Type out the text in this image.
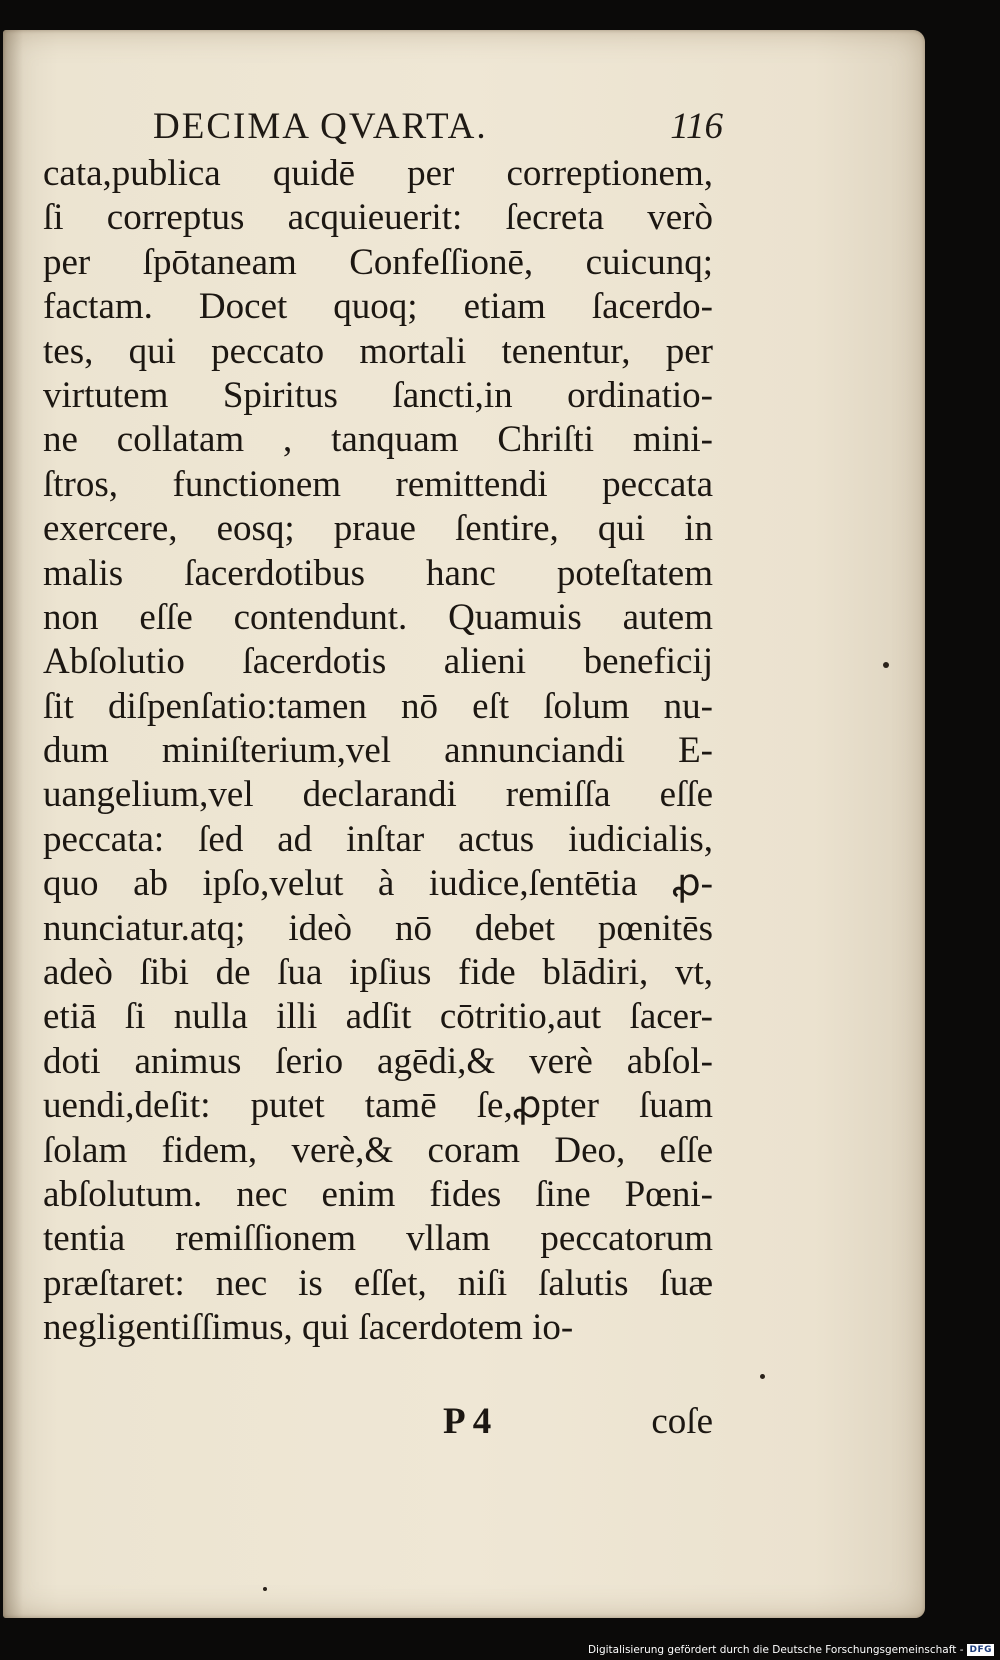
DECIMA QVARTA.	116
cata,publica quidē per correptionem,
ſi correptus acquieuerit: ſecreta verò
per ſpōtaneam Confeſſionē, cuicunq;
factam. Docet quoq; etiam ſacerdo-
tes, qui peccato mortali tenentur, per
virtutem Spiritus ſancti,in ordinatio-
ne collatam , tanquam Chriſti mini-
ſtros, functionem remittendi peccata
exercere, eosq; praue ſentire, qui in
malis ſacerdotibus hanc poteſtatem
non eſſe contendunt. Quamuis autem
Abſolutio ſacerdotis alieni beneficij
ſit diſpenſatio:tamen nō eſt ſolum nu-
dum miniſterium,vel annunciandi E-
uangelium,vel declarandi remiſſa eſſe
peccata: ſed ad inſtar actus iudicialis,
quo ab ipſo,velut à iudice,ſentētia ꝓ-
nunciatur.atq; ideò nō debet pœnitēs
adeò ſibi de ſua ipſius fide blādiri, vt,
etiā ſi nulla illi adſit cōtritio,aut ſacer-
doti animus ſerio agēdi,& verè abſol-
uendi,deſit: putet tamē ſe,ꝓpter ſuam
ſolam fidem, verè,& coram Deo, eſſe
abſolutum. nec enim fides ſine Pœni-
tentia remiſſionem vllam peccatorum
præſtaret: nec is eſſet, niſi ſalutis ſuæ
negligentiſſimus, qui ſacerdotem io-
P 4	coſe
Digitalisierung gefördert durch die Deutsche Forschungsgemeinschaft - DFG
